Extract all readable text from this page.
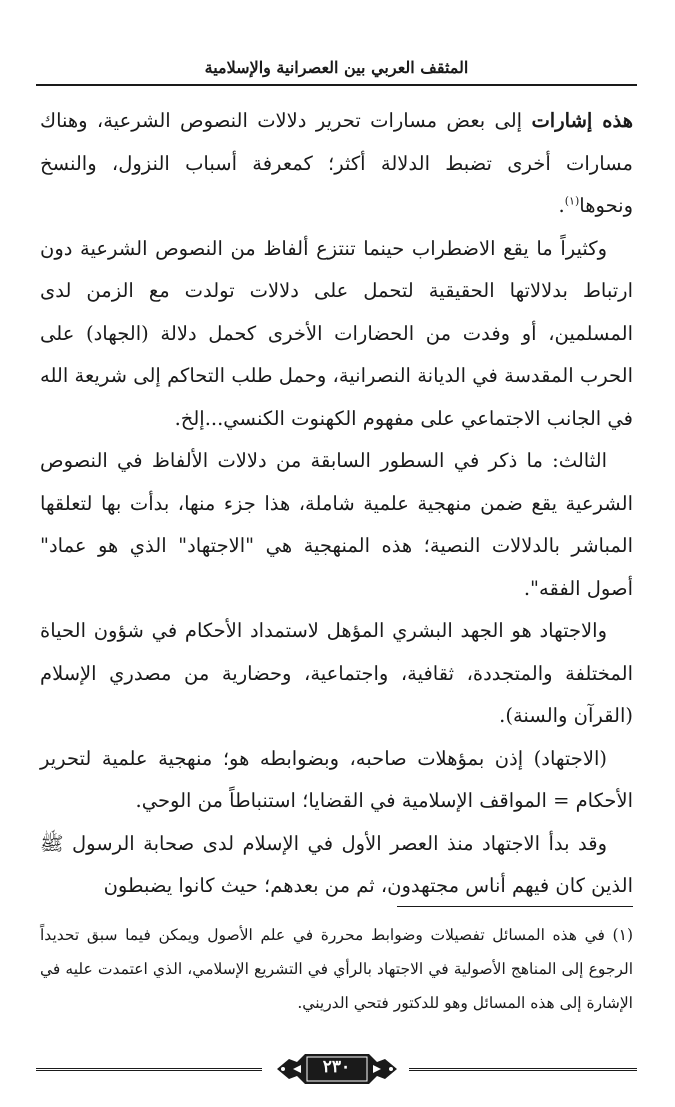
المثقف العربي بين العصرانية والإسلامية

هذه إشارات إلى بعض مسارات تحرير دلالات النصوص الشرعية، وهناك مسارات أخرى تضبط الدلالة أكثر؛ كمعرفة أسباب النزول، والنسخ ونحوها$^{(١)}$.

وكثيراً ما يقع الاضطراب حينما تنتزع ألفاظ من النصوص الشرعية دون ارتباط بدلالاتها الحقيقية لتحمل على دلالات تولدت مع الزمن لدى المسلمين، أو وفدت من الحضارات الأخرى كحمل دلالة (الجهاد) على الحرب المقدسة في الديانة النصرانية، وحمل طلب التحاكم إلى شريعة الله في الجانب الاجتماعي على مفهوم الكهنوت الكنسي...إلخ.

الثالث: ما ذكر في السطور السابقة من دلالات الألفاظ في النصوص الشرعية يقع ضمن منهجية علمية شاملة، هذا جزء منها، بدأت بها لتعلقها المباشر بالدلالات النصية؛ هذه المنهجية هي "الاجتهاد" الذي هو عماد" أصول الفقه".

والاجتهاد هو الجهد البشري المؤهل لاستمداد الأحكام في شؤون الحياة المختلفة والمتجددة، ثقافية، واجتماعية، وحضارية من مصدري الإسلام (القرآن والسنة).

(الاجتهاد) إذن بمؤهلات صاحبه، وبضوابطه هو؛ منهجية علمية لتحرير الأحكام = المواقف الإسلامية في القضايا؛ استنباطاً من الوحي.

وقد بدأ الاجتهاد منذ العصر الأول في الإسلام لدى صحابة الرسول ﷺ الذين كان فيهم أناس مجتهدون، ثم من بعدهم؛ حيث كانوا يضبطون

(١) في هذه المسائل تفصيلات وضوابط محررة في علم الأصول ويمكن فيما سبق تحديداً الرجوع إلى المناهج الأصولية في الاجتهاد بالرأي في التشريع الإسلامي، الذي اعتمدت عليه في الإشارة إلى هذه المسائل وهو للدكتور فتحي الدريني.

٢٣٠
